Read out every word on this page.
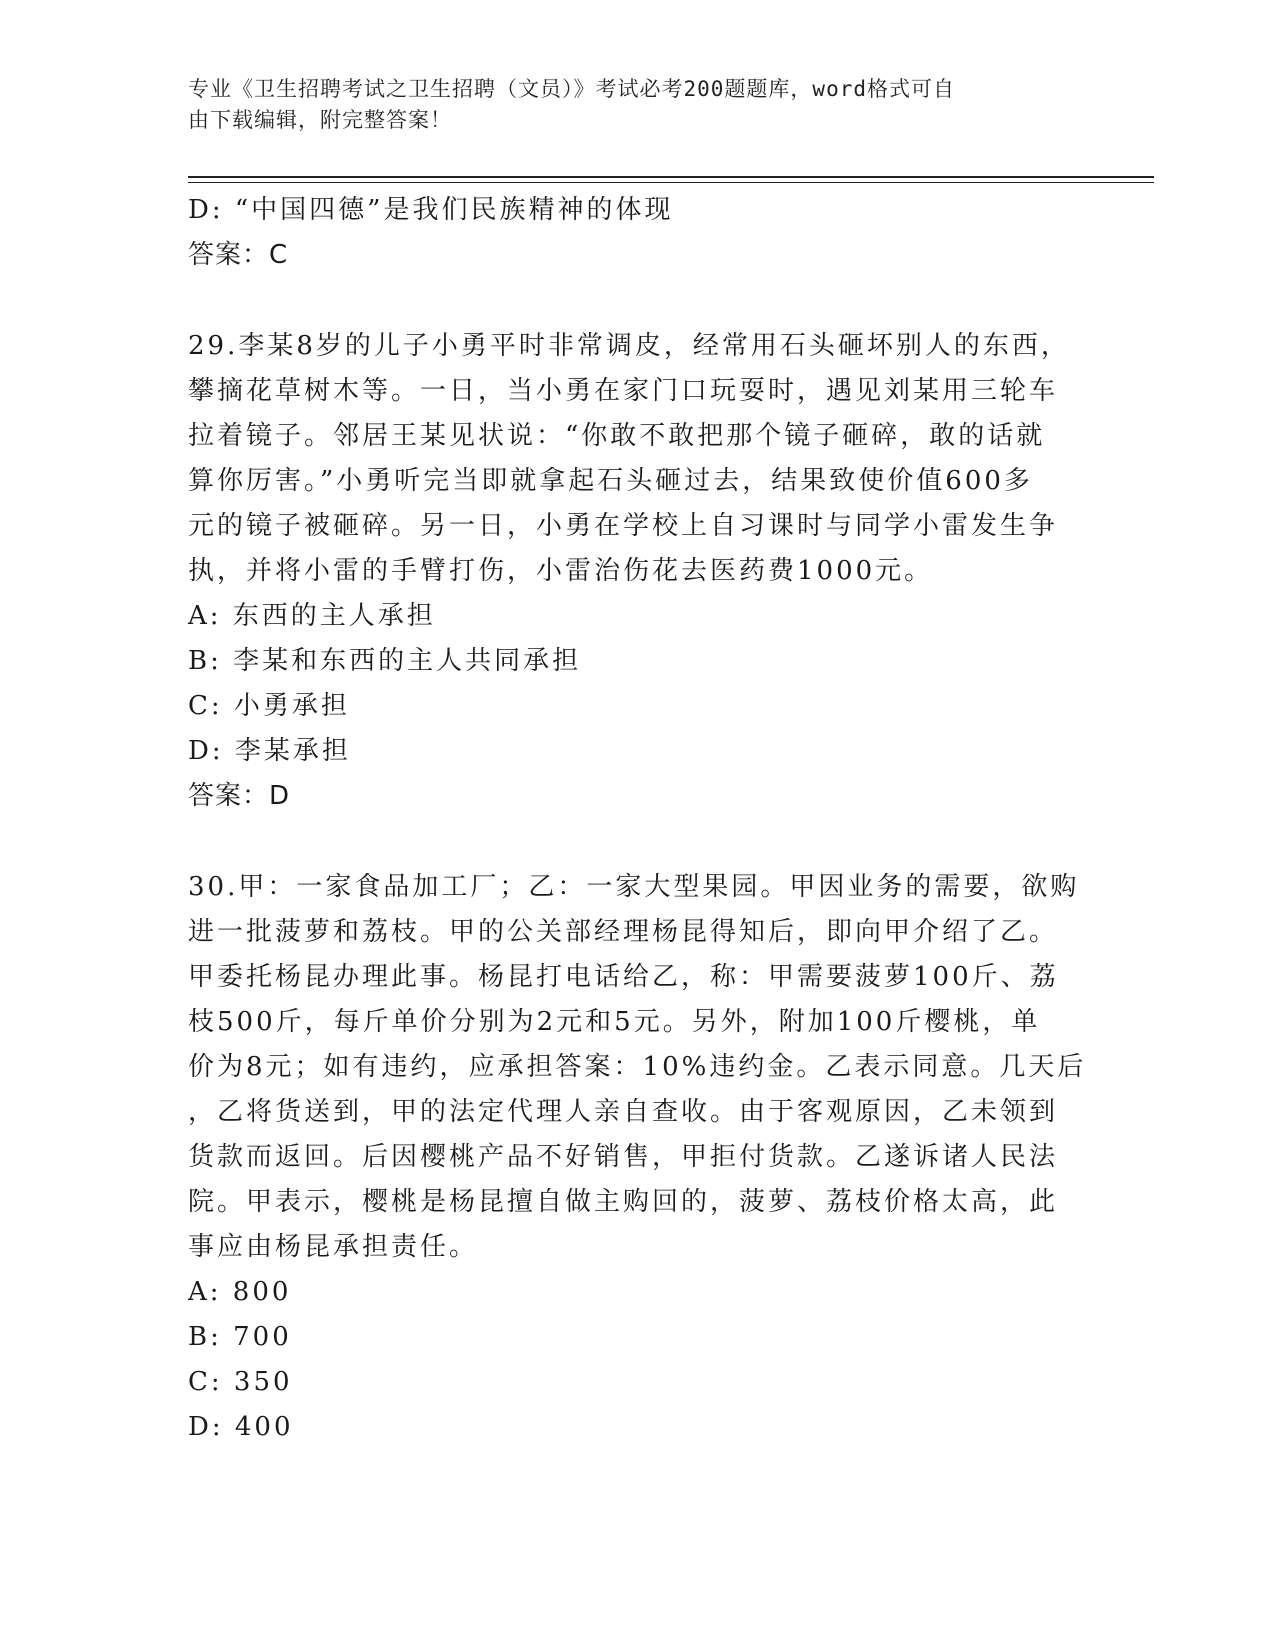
专业《卫生招聘考试之卫生招聘（文员）》考试必考200题题库，word格式可自
由下载编辑，附完整答案！

D: “中国四德”是我们民族精神的体现

答案：C

29.李某8岁的儿子小勇平时非常调皮，经常用石头砸坏别人的东西，

攀摘花草树木等。一日，当小勇在家门口玩耍时，遇见刘某用三轮车

拉着镜子。邻居王某见状说：“你敢不敢把那个镜子砸碎，敢的话就

算你厉害。”小勇听完当即就拿起石头砸过去，结果致使价值600多

元的镜子被砸碎。另一日，小勇在学校上自习课时与同学小雷发生争

执，并将小雷的手臂打伤，小雷治伤花去医药费1000元。

A: 东西的主人承担

B: 李某和东西的主人共同承担

C: 小勇承担

D: 李某承担

答案：D

30.甲：一家食品加工厂；乙：一家大型果园。甲因业务的需要，欲购

进一批菠萝和荔枝。甲的公关部经理杨昆得知后，即向甲介绍了乙。

甲委托杨昆办理此事。杨昆打电话给乙，称：甲需要菠萝100斤、荔

枝500斤，每斤单价分别为2元和5元。另外，附加100斤樱桃，单

价为8元；如有违约，应承担答案：10%违约金。乙表示同意。几天后

，乙将货送到，甲的法定代理人亲自查收。由于客观原因，乙未领到

货款而返回。后因樱桃产品不好销售，甲拒付货款。乙遂诉诸人民法

院。甲表示，樱桃是杨昆擅自做主购回的，菠萝、荔枝价格太高，此

事应由杨昆承担责任。

A: 800

B: 700

C: 350

D: 400
